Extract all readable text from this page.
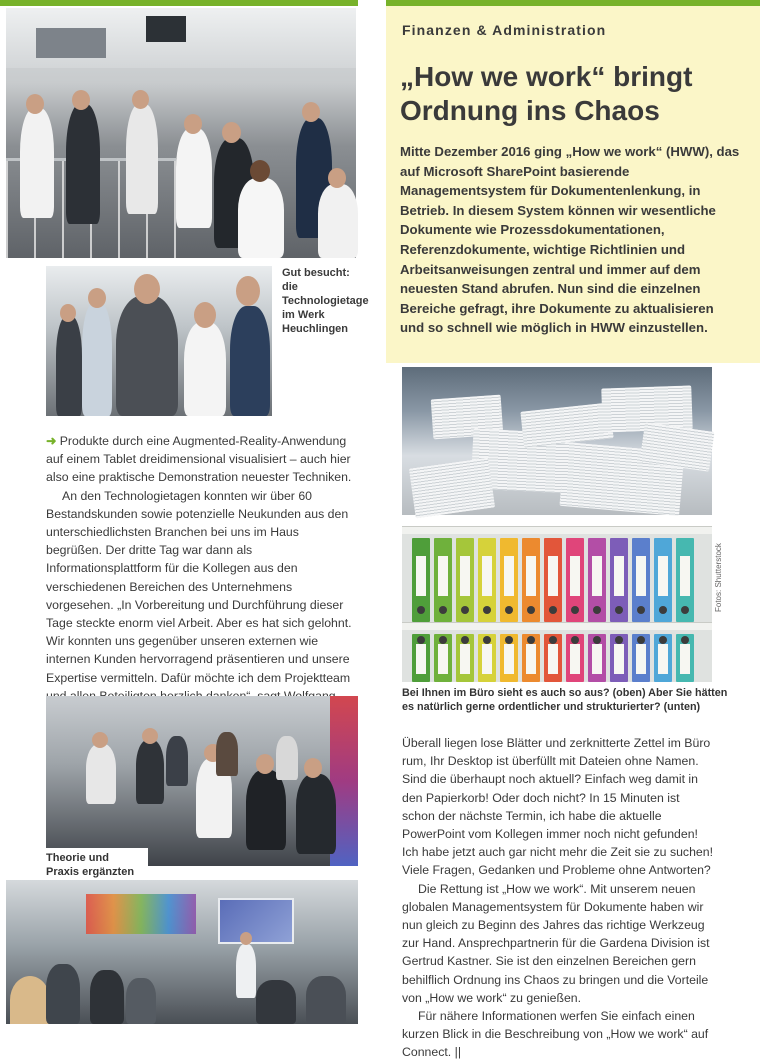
Gut besucht: die Technologietage im Werk Heuchlingen

➜ Produkte durch eine Augmented-Reality-Anwendung auf einem Tablet dreidimensional visualisiert – auch hier also eine praktische Demonstration neuester Techniken.

An den Technologietagen konnten wir über 60 Bestandskunden sowie potenzielle Neukunden aus den unterschiedlichsten Branchen bei uns im Haus begrüßen. Der dritte Tag war dann als Informationsplattform für die Kollegen aus den verschiedenen Bereichen des Unternehmens vorgesehen. „In Vorbereitung und Durchführung dieser Tage steckte enorm viel Arbeit. Aber es hat sich gelohnt. Wir konnten uns gegenüber unseren externen wie internen Kunden hervorragend präsentieren und unsere Expertise vermitteln. Dafür möchte ich dem Projektteam

Theorie und Praxis ergänzten
Finanzen & Administration
„How we work“ bringt Ordnung ins Chaos

Mitte Dezember 2016 ging „How we work“ (HWW), das auf Microsoft SharePoint basierende Managementsystem für Dokumentenlenkung, in Betrieb. In diesem System können wir wesentliche Dokumente wie Prozessdokumentationen, Referenzdokumente, wichtige Richtlinien und Arbeitsanweisungen zentral und immer auf dem neuesten Stand abrufen. Nun sind die einzelnen Bereiche gefragt, ihre Dokumente zu aktualisieren und so schnell wie möglich in HWW einzustellen.

Fotos: Shutterstock
Bei Ihnen im Büro sieht es auch so aus? (oben) Aber Sie hätten es natürlich gerne ordentlicher und strukturierter? (unten)

Überall liegen lose Blätter und zerknitterte Zettel im Büro rum, Ihr Desktop ist überfüllt mit Dateien ohne Namen. Sind die überhaupt noch aktuell? Einfach weg damit in den Papierkorb! Oder doch nicht? In 15 Minuten ist schon der nächste Termin, ich habe die aktuelle PowerPoint vom Kollegen immer noch nicht gefunden! Ich habe jetzt auch gar nicht mehr die Zeit sie zu suchen! Viele Fragen, Gedanken und Probleme ohne Antworten?

Die Rettung ist „How we work“. Mit unserem neuen globalen Managementsystem für Dokumente haben wir nun gleich zu Beginn des Jahres das richtige Werkzeug zur Hand. Ansprechpartnerin für die Gardena Division ist Gertrud Kastner. Sie ist den einzelnen Bereichen gern behilflich Ordnung ins Chaos zu bringen und die Vorteile von „How we work“ zu genießen.

Für nähere Informationen werfen Sie einfach einen kurzen Blick in die Beschreibung von „How we work“ auf Connect. ||
